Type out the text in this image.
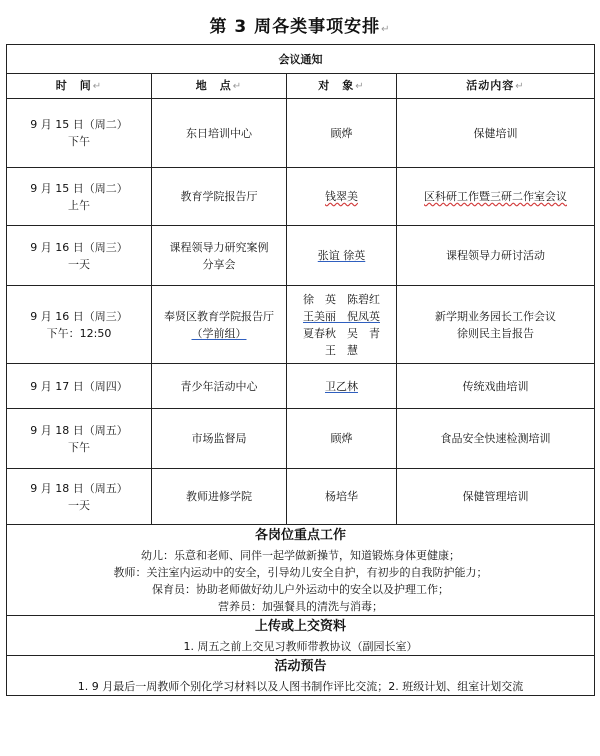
第 3 周各类事项安排↵
会议通知			
时　间↵	地　点↵	对　象↵	活动内容↵

9 月 15 日（周二）
下午	东日培训中心	顾烨	保健培训

9 月 15 日（周二）
上午	教育学院报告厅	钱翠美	区科研工作暨三研二作室会议

9 月 16 日（周三）
一天	课程领导力研究案例
分享会	张谊 徐英	课程领导力研讨活动

9 月 16 日（周三）
下午：12:50	奉贤区教育学院报告厅
（学前组）	徐　英　陈碧红
王美丽　倪凤英
夏春秋　吴　青
王　慧	新学期业务园长工作会议
徐则民主旨报告

9 月 17 日（周四）	青少年活动中心	卫乙林	传统戏曲培训

9 月 18 日（周五）
下午	市场监督局	顾烨	食品安全快速检测培训

9 月 18 日（周五）
一天	教师进修学院	杨培华	保健管理培训

各岗位重点工作
幼儿：乐意和老师、同伴一起学做新操节，知道锻炼身体更健康；
教师：关注室内运动中的安全，引导幼儿安全自护，有初步的自我防护能力；
保育员：协助老师做好幼儿户外运动中的安全以及护理工作；
营养员：加强餐具的清洗与消毒；			

上传或上交资料
1. 周五之前上交见习教师带教协议（副园长室）			

活动预告
1. 9 月最后一周教师个别化学习材料以及人图书制作评比交流；2. 班级计划、组室计划交流			
